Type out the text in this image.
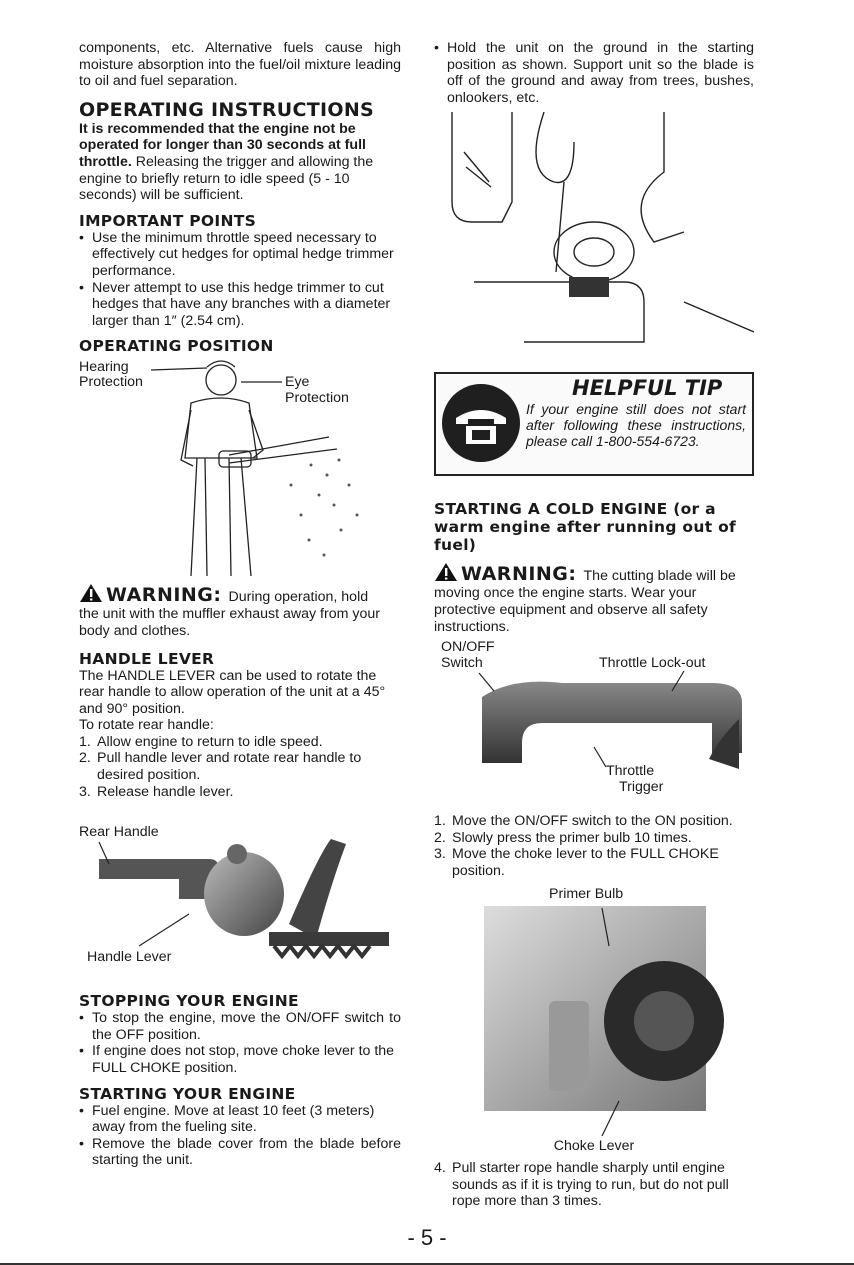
components, etc. Alternative fuels cause high moisture absorption into the fuel/oil mixture leading to oil and fuel separation.

OPERATING INSTRUCTIONS

It is recommended that the engine not be operated for longer than 30 seconds at full throttle. Releasing the trigger and allowing the engine to briefly return to idle speed (5 - 10 seconds) will be sufficient.

IMPORTANT POINTS
• Use the minimum throttle speed necessary to effectively cut hedges for optimal hedge trimmer performance.
• Never attempt to use this hedge trimmer to cut hedges that have any branches with a diameter larger than 1″ (2.54 cm).
OPERATING POSITION
Hearing
Protection	Eye
Protection
WARNING: During operation, hold

the unit with the muffler exhaust away from your body and clothes.

HANDLE LEVER

The HANDLE LEVER can be used to rotate the rear handle to allow operation of the unit at a 45° and 90° position.

To rotate rear handle:

1. Allow engine to return to idle speed.
2. Pull handle lever and rotate rear handle to desired position.
3. Release handle lever.
Rear Handle
Handle Lever
STOPPING YOUR ENGINE
• To stop the engine, move the ON/OFF switch to the OFF position.
• If engine does not stop, move choke lever to the FULL CHOKE position.
STARTING YOUR ENGINE
• Fuel engine. Move at least 10 feet (3 meters) away from the fueling site.
• Remove the blade cover from the blade before starting the unit.
• Hold the unit on the ground in the starting position as shown. Support unit so the blade is off of the ground and away from trees, bushes, onlookers, etc.
HELPFUL TIP
If your engine still does not start after following these instructions, please call 1-800-554-6723.
STARTING A COLD ENGINE (or a warm engine after running out of fuel)
WARNING: The cutting blade will be

moving once the engine starts. Wear your protective equipment and observe all safety instructions.

ON/OFF
Switch	Throttle Lock-out
Throttle
Trigger
1. Move the ON/OFF switch to the ON position.
2. Slowly press the primer bulb 10 times.
3. Move the choke lever to the FULL CHOKE position.
Primer Bulb

Choke Lever

4. Pull starter rope handle sharply until engine sounds as if it is trying to run, but do not pull rope more than 3 times.
- 5 -
